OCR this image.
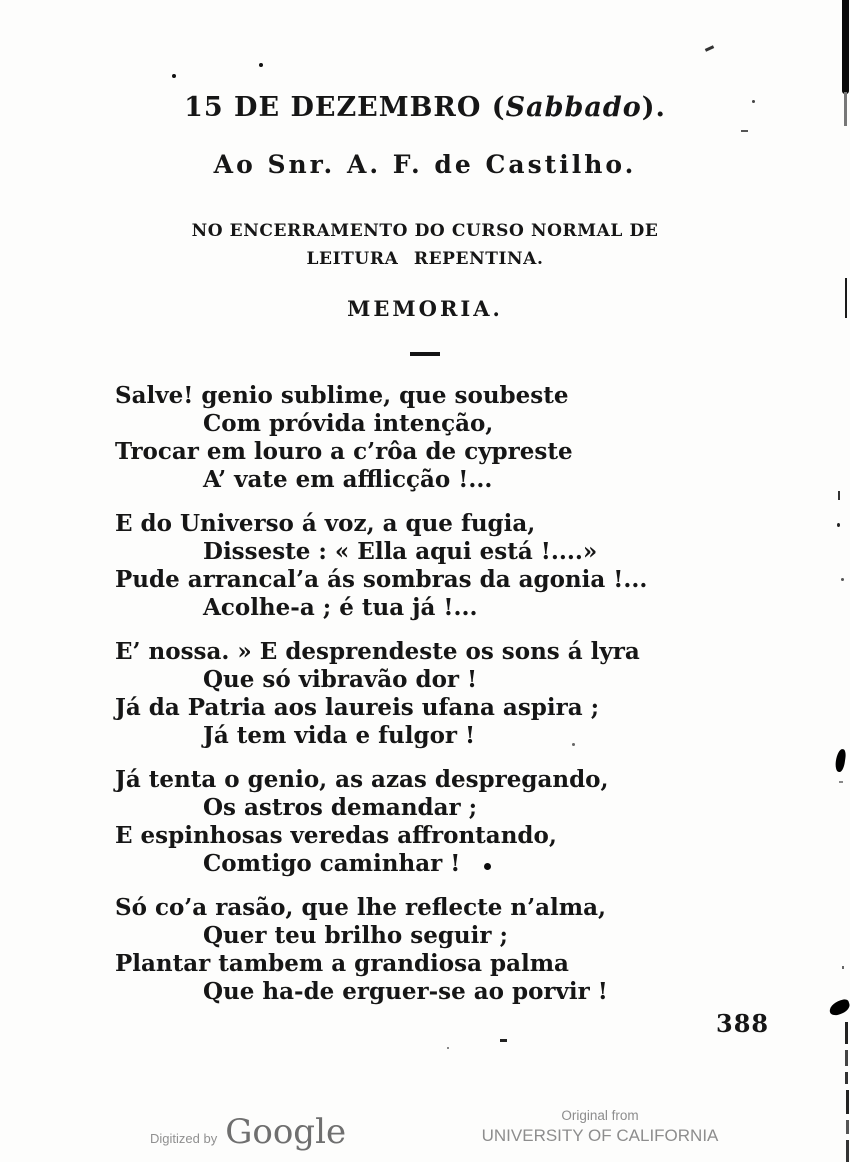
15 DE DEZEMBRO (Sabbado).
Ao Snr. A. F. de Castilho.
NO ENCERRAMENTO DO CURSO NORMAL DE
LEITURA REPENTINA.
MEMORIA.

Salve! genio sublime, que soubeste

Com próvida intenção,

Trocar em louro a c’rôa de cypreste

A’ vate em afflicção !...

E do Universo á voz, a que fugia,

Disseste : « Ella aqui está !....»

Pude arrancal’a ás sombras da agonia !...

Acolhe-a ; é tua já !...

E’ nossa. » E desprendeste os sons á lyra

Que só vibravão dor !

Já da Patria aos laureis ufana aspira ;

Já tem vida e fulgor !

Já tenta o genio, as azas despregando,

Os astros demandar ;

E espinhosas veredas affrontando,

Comtigo caminhar !

Só co’a rasão, que lhe reflecte n’alma,

Quer teu brilho seguir ;

Plantar tambem a grandiosa palma

Que ha-de erguer-se ao porvir !

388
Digitized by Google	Original from

UNIVERSITY OF CALIFORNIA
